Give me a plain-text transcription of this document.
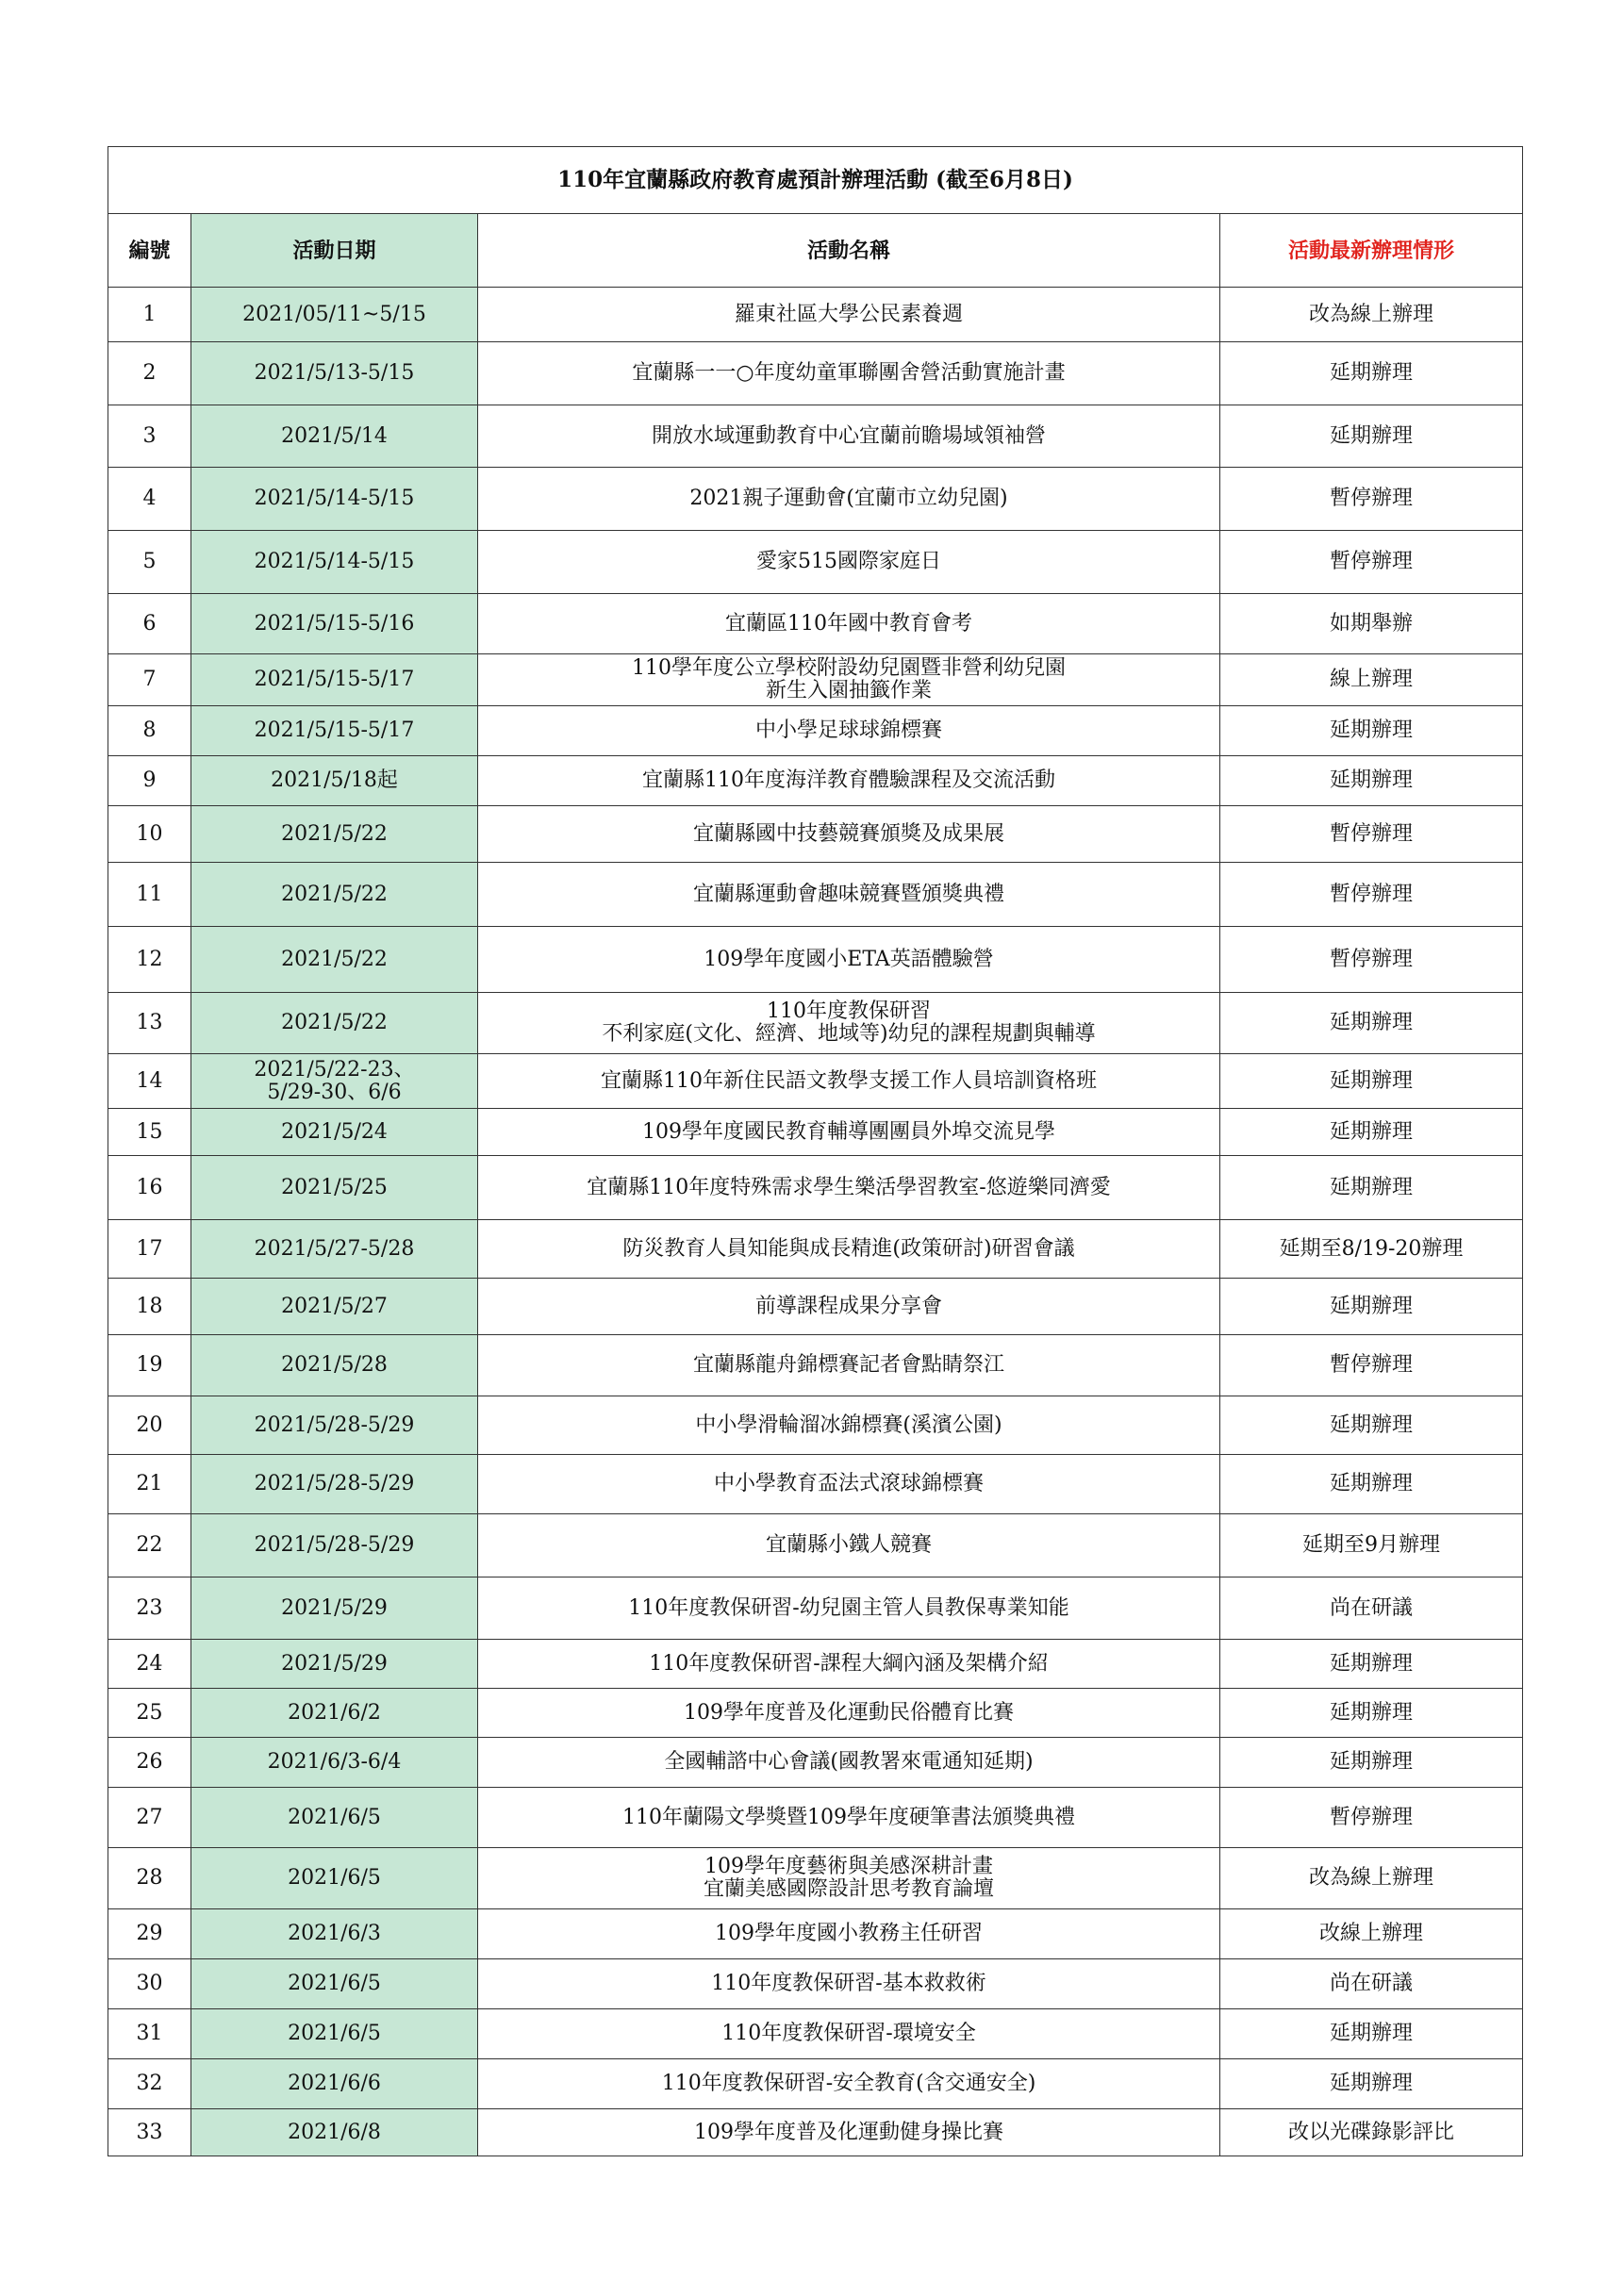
110年宜蘭縣政府教育處預計辦理活動 (截至6月8日)			
編號	活動日期	活動名稱	活動最新辦理情形
1	2021/05/11~5/15	羅東社區大學公民素養週	改為線上辦理
2	2021/5/13-5/15	宜蘭縣一一○年度幼童軍聯團舍營活動實施計畫	延期辦理
3	2021/5/14	開放水域運動教育中心宜蘭前瞻場域領袖營	延期辦理
4	2021/5/14-5/15	2021親子運動會(宜蘭市立幼兒園)	暫停辦理
5	2021/5/14-5/15	愛家515國際家庭日	暫停辦理
6	2021/5/15-5/16	宜蘭區110年國中教育會考	如期舉辦
7	2021/5/15-5/17	110學年度公立學校附設幼兒園暨非營利幼兒園
新生入園抽籤作業	線上辦理
8	2021/5/15-5/17	中小學足球球錦標賽	延期辦理
9	2021/5/18起	宜蘭縣110年度海洋教育體驗課程及交流活動	延期辦理
10	2021/5/22	宜蘭縣國中技藝競賽頒獎及成果展	暫停辦理
11	2021/5/22	宜蘭縣運動會趣味競賽暨頒獎典禮	暫停辦理
12	2021/5/22	109學年度國小ETA英語體驗營	暫停辦理
13	2021/5/22	110年度教保研習
不利家庭(文化、經濟、地域等)幼兒的課程規劃與輔導	延期辦理
14	2021/5/22-23、
5/29-30、6/6	宜蘭縣110年新住民語文教學支援工作人員培訓資格班	延期辦理
15	2021/5/24	109學年度國民教育輔導團團員外埠交流見學	延期辦理
16	2021/5/25	宜蘭縣110年度特殊需求學生樂活學習教室-悠遊樂同濟愛	延期辦理
17	2021/5/27-5/28	防災教育人員知能與成長精進(政策研討)研習會議	延期至8/19-20辦理
18	2021/5/27	前導課程成果分享會	延期辦理
19	2021/5/28	宜蘭縣龍舟錦標賽記者會點睛祭江	暫停辦理
20	2021/5/28-5/29	中小學滑輪溜冰錦標賽(溪濱公園)	延期辦理
21	2021/5/28-5/29	中小學教育盃法式滾球錦標賽	延期辦理
22	2021/5/28-5/29	宜蘭縣小鐵人競賽	延期至9月辦理
23	2021/5/29	110年度教保研習-幼兒園主管人員教保專業知能	尚在研議
24	2021/5/29	110年度教保研習-課程大綱內涵及架構介紹	延期辦理
25	2021/6/2	109學年度普及化運動民俗體育比賽	延期辦理
26	2021/6/3-6/4	全國輔諮中心會議(國教署來電通知延期)	延期辦理
27	2021/6/5	110年蘭陽文學獎暨109學年度硬筆書法頒獎典禮	暫停辦理
28	2021/6/5	109學年度藝術與美感深耕計畫
宜蘭美感國際設計思考教育論壇	改為線上辦理
29	2021/6/3	109學年度國小教務主任研習	改線上辦理
30	2021/6/5	110年度教保研習-基本救救術	尚在研議
31	2021/6/5	110年度教保研習-環境安全	延期辦理
32	2021/6/6	110年度教保研習-安全教育(含交通安全)	延期辦理
33	2021/6/8	109學年度普及化運動健身操比賽	改以光碟錄影評比
